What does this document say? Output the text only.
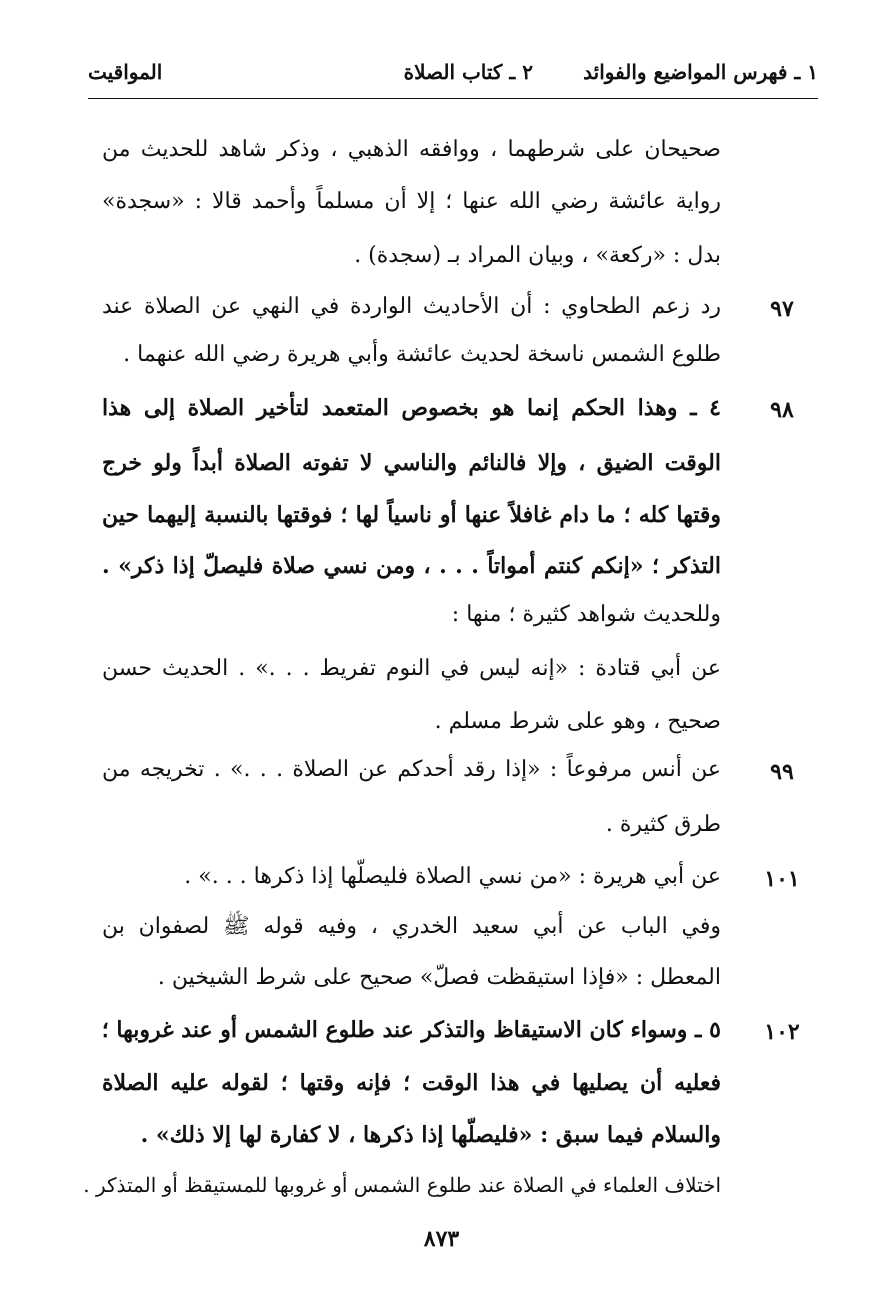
١ ـ فهرس المواضيع والفوائد
٢ ـ كتاب الصلاة
المواقيت
صحيحان على شرطهما ، ووافقه الذهبي ، وذكر شاهد للحديث من
رواية عائشة رضي الله عنها ؛ إلا أن مسلماً وأحمد قالا : «سجدة»
بدل : «ركعة» ، وبيان المراد بـ (سجدة) .
٩٧
رد زعم الطحاوي : أن الأحاديث الواردة في النهي عن الصلاة عند
طلوع الشمس ناسخة لحديث عائشة وأبي هريرة رضي الله عنهما .
٩٨
٤ ـ وهذا الحكم إنما هو بخصوص المتعمد لتأخير الصلاة إلى هذا
الوقت الضيق ، وإلا فالنائم والناسي لا تفوته الصلاة أبداً ولو خرج
وقتها كله ؛ ما دام غافلاً عنها أو ناسياً لها ؛ فوقتها بالنسبة إليهما حين
التذكر ؛ «إنكم كنتم أمواتاً . . . ، ومن نسي صلاة فليصلّ إذا ذكر» .
وللحديث شواهد كثيرة ؛ منها :
عن أبي قتادة : «إنه ليس في النوم تفريط . . .» . الحديث حسن
صحيح ، وهو على شرط مسلم .
٩٩
عن أنس مرفوعاً : «إذا رقد أحدكم عن الصلاة . . .» . تخريجه من
طرق كثيرة .
١٠١
عن أبي هريرة : «من نسي الصلاة فليصلّها إذا ذكرها . . .» .
وفي الباب عن أبي سعيد الخدري ، وفيه قوله ﷺ لصفوان بن
المعطل : «فإذا استيقظت فصلّ» صحيح على شرط الشيخين .
١٠٢
٥ ـ وسواء كان الاستيقاظ والتذكر عند طلوع الشمس أو عند غروبها ؛
فعليه أن يصليها في هذا الوقت ؛ فإنه وقتها ؛ لقوله عليه الصلاة
والسلام فيما سبق : «فليصلّها إذا ذكرها ، لا كفارة لها إلا ذلك» .
اختلاف العلماء في الصلاة عند طلوع الشمس أو غروبها للمستيقظ أو المتذكر .
٨٧٣
